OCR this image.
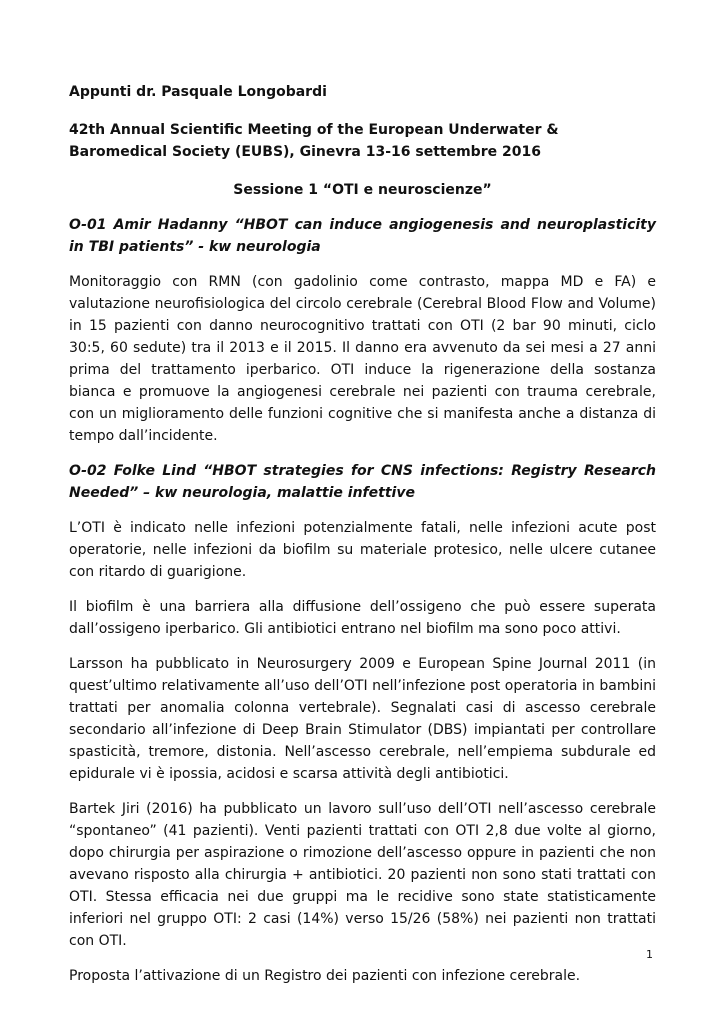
Appunti dr. Pasquale Longobardi

42th Annual Scientific Meeting of the European Underwater & Baromedical Society (EUBS), Ginevra 13-16 settembre 2016

Sessione 1 “OTI e neuroscienze”

O-01 Amir Hadanny “HBOT can induce angiogenesis and neuroplasticity in TBI patients” - kw neurologia

Monitoraggio con RMN (con gadolinio come contrasto, mappa MD e FA) e valutazione neurofisiologica del circolo cerebrale (Cerebral Blood Flow and Volume) in 15 pazienti con danno neurocognitivo trattati con OTI (2 bar 90 minuti, ciclo 30:5, 60 sedute) tra il 2013 e il 2015. Il danno era avvenuto da sei mesi a 27 anni prima del trattamento iperbarico. OTI induce la rigenerazione della sostanza bianca e promuove la angiogenesi cerebrale nei pazienti con trauma cerebrale, con un miglioramento delle funzioni cognitive che si manifesta anche a distanza di tempo dall’incidente.

O-02 Folke Lind “HBOT strategies for CNS infections: Registry Research Needed” – kw neurologia, malattie infettive

L’OTI è indicato nelle infezioni potenzialmente fatali, nelle infezioni acute post operatorie, nelle infezioni da biofilm su materiale protesico, nelle ulcere cutanee con ritardo di guarigione.

Il biofilm è una barriera alla diffusione dell’ossigeno che può essere superata dall’ossigeno iperbarico. Gli antibiotici entrano nel biofilm ma sono poco attivi.

Larsson ha pubblicato in Neurosurgery 2009 e European Spine Journal 2011 (in quest’ultimo relativamente all’uso dell’OTI nell’infezione post operatoria in bambini trattati per anomalia colonna vertebrale). Segnalati casi di ascesso cerebrale secondario all’infezione di Deep Brain Stimulator (DBS) impiantati per controllare spasticità, tremore, distonia. Nell’ascesso cerebrale, nell’empiema subdurale ed epidurale vi è ipossia, acidosi e scarsa attività degli antibiotici.

Bartek Jiri (2016) ha pubblicato un lavoro sull’uso dell’OTI nell’ascesso cerebrale “spontaneo” (41 pazienti). Venti pazienti trattati con OTI 2,8 due volte al giorno, dopo chirurgia per aspirazione o rimozione dell’ascesso oppure in pazienti che non avevano risposto alla chirurgia + antibiotici. 20 pazienti non sono stati trattati con OTI. Stessa efficacia nei due gruppi ma le recidive sono state statisticamente inferiori nel gruppo OTI: 2 casi (14%) verso 15/26 (58%) nei pazienti non trattati con OTI.

Proposta l’attivazione di un Registro dei pazienti con infezione cerebrale.

1
